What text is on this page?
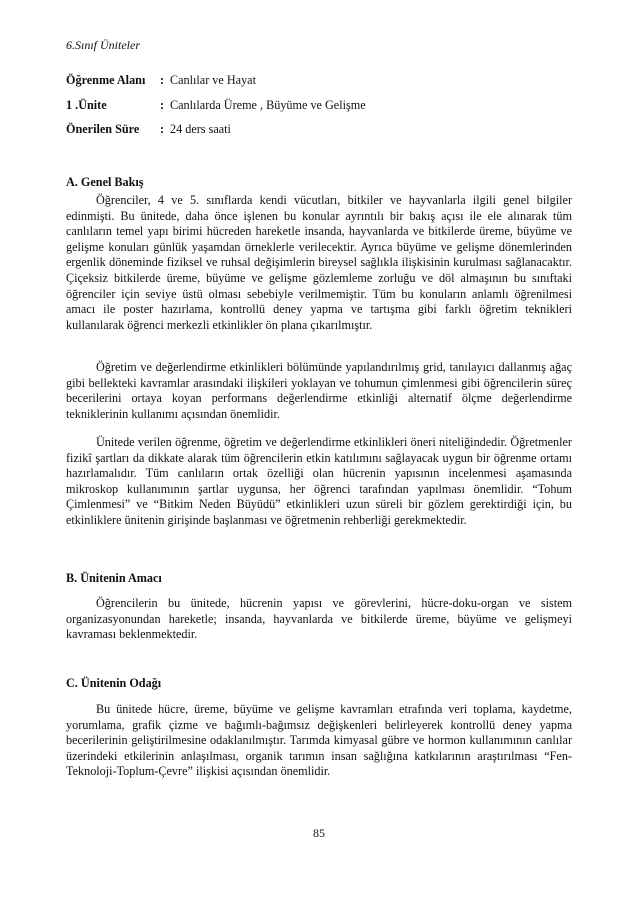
6.Sınıf Üniteler
Öğrenme Alanı : Canlılar ve Hayat
1 .Ünite	: Canlılarda Üreme , Büyüme ve Gelişme
Önerilen Süre : 24 ders saati
A. Genel Bakış

Öğrenciler, 4 ve 5. sınıflarda kendi vücutları, bitkiler ve hayvanlarla ilgili genel bilgiler edinmişti. Bu ünitede, daha önce işlenen bu konular ayrıntılı bir bakış açısı ile ele alınarak tüm canlıların temel yapı birimi hücreden hareketle insanda, hayvanlarda ve bitkilerde üreme, büyüme ve gelişme konuları günlük yaşamdan örneklerle verilecektir. Ayrıca büyüme ve gelişme dönemlerinden ergenlik döneminde fiziksel ve ruhsal değişimlerin bireysel sağlıkla ilişkisinin kurulması sağlanacaktır. Çiçeksiz bitkilerde üreme, büyüme ve gelişme gözlemleme zorluğu ve döl almaşının bu sınıftaki öğrenciler için seviye üstü olması sebebiyle verilmemiştir. Tüm bu konuların anlamlı öğrenilmesi amacı ile poster hazırlama, kontrollü deney yapma ve tartışma gibi farklı öğretim teknikleri kullanılarak öğrenci merkezli etkinlikler ön plana çıkarılmıştır.

Öğretim ve değerlendirme etkinlikleri bölümünde yapılandırılmış grid, tanılayıcı dallanmış ağaç gibi bellekteki kavramlar arasındaki ilişkileri yoklayan ve tohumun çimlenmesi gibi öğrencilerin süreç becerilerini ortaya koyan performans değerlendirme etkinliği alternatif ölçme değerlendirme tekniklerinin kullanımı açısından önemlidir.

Ünitede verilen öğrenme, öğretim ve değerlendirme etkinlikleri öneri niteliğindedir. Öğretmenler fizikî şartları da dikkate alarak tüm öğrencilerin etkin katılımını sağlayacak uygun bir öğrenme ortamı hazırlamalıdır. Tüm canlıların ortak özelliği olan hücrenin yapısının incelenmesi aşamasında mikroskop kullanımının şartlar uygunsa, her öğrenci tarafından yapılması önemlidir. “Tohum Çimlenmesi” ve “Bitkim Neden Büyüdü” etkinlikleri uzun süreli bir gözlem gerektirdiği için, bu etkinliklere ünitenin girişinde başlanması ve öğretmenin rehberliği gerekmektedir.

B. Ünitenin Amacı

Öğrencilerin bu ünitede, hücrenin yapısı ve görevlerini, hücre-doku-organ ve sistem organizasyonundan hareketle; insanda, hayvanlarda ve bitkilerde üreme, büyüme ve gelişmeyi kavraması beklenmektedir.

C. Ünitenin Odağı

Bu ünitede hücre, üreme, büyüme ve gelişme kavramları etrafında veri toplama, kaydetme, yorumlama, grafik çizme ve bağımlı-bağımsız değişkenleri belirleyerek kontrollü deney yapma becerilerinin geliştirilmesine odaklanılmıştır. Tarımda kimyasal gübre ve hormon kullanımının canlılar üzerindeki etkilerinin anlaşılması, organik tarımın insan sağlığına katkılarının araştırılması “Fen-Teknoloji-Toplum-Çevre” ilişkisi açısından önemlidir.

85
